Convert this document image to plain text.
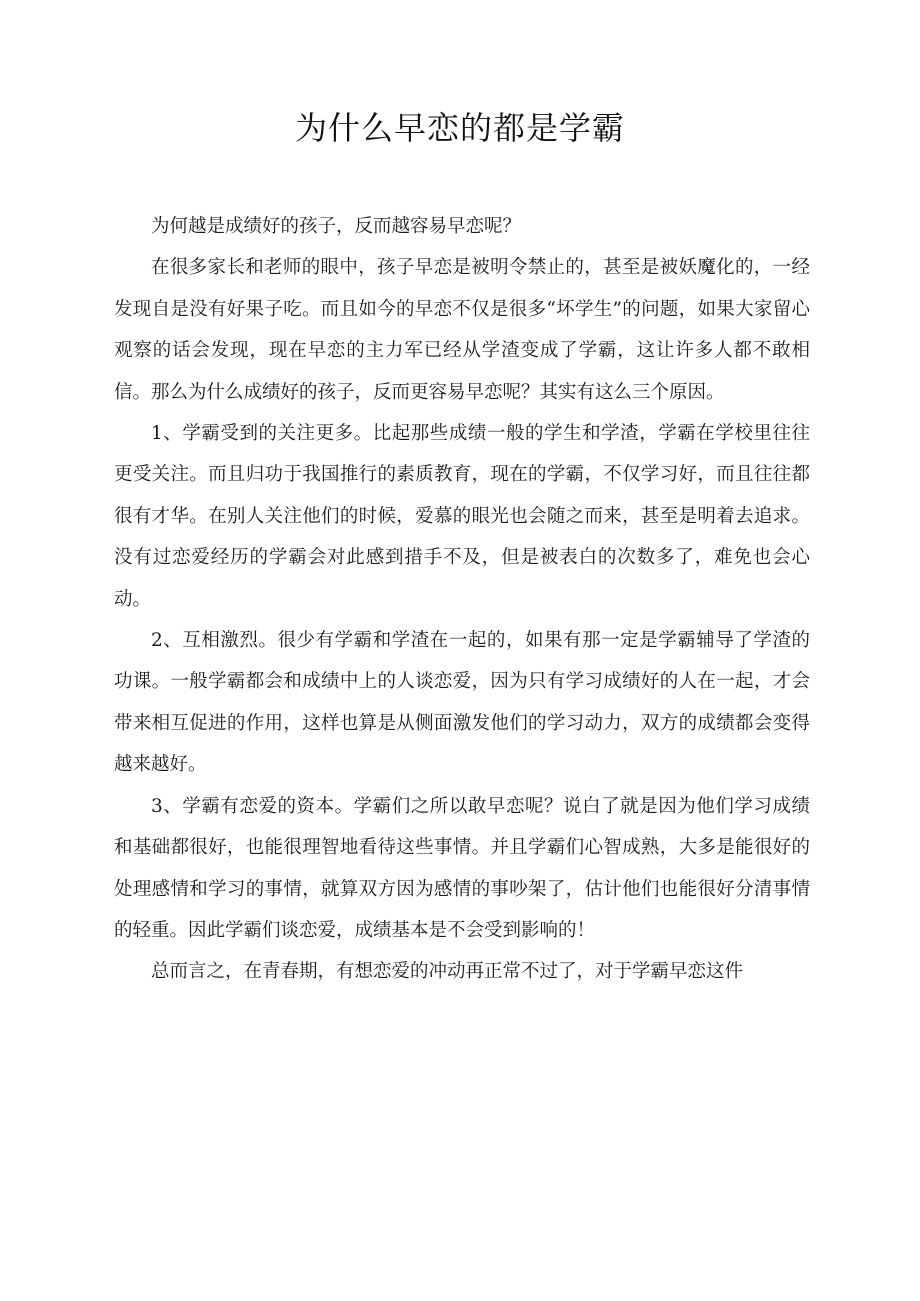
为什么早恋的都是学霸

为何越是成绩好的孩子，反而越容易早恋呢？

在很多家长和老师的眼中，孩子早恋是被明令禁止的，甚至是被妖魔化的，一经发现自是没有好果子吃。而且如今的早恋不仅是很多“坏学生”的问题，如果大家留心观察的话会发现，现在早恋的主力军已经从学渣变成了学霸，这让许多人都不敢相信。那么为什么成绩好的孩子，反而更容易早恋呢？其实有这么三个原因。

1、学霸受到的关注更多。比起那些成绩一般的学生和学渣，学霸在学校里往往更受关注。而且归功于我国推行的素质教育，现在的学霸，不仅学习好，而且往往都很有才华。在别人关注他们的时候，爱慕的眼光也会随之而来，甚至是明着去追求。没有过恋爱经历的学霸会对此感到措手不及，但是被表白的次数多了，难免也会心动。

2、互相激烈。很少有学霸和学渣在一起的，如果有那一定是学霸辅导了学渣的功课。一般学霸都会和成绩中上的人谈恋爱，因为只有学习成绩好的人在一起，才会带来相互促进的作用，这样也算是从侧面激发他们的学习动力，双方的成绩都会变得越来越好。

3、学霸有恋爱的资本。学霸们之所以敢早恋呢？说白了就是因为他们学习成绩和基础都很好，也能很理智地看待这些事情。并且学霸们心智成熟，大多是能很好的处理感情和学习的事情，就算双方因为感情的事吵架了，估计他们也能很好分清事情的轻重。因此学霸们谈恋爱，成绩基本是不会受到影响的！

总而言之，在青春期，有想恋爱的冲动再正常不过了，对于学霸早恋这件
